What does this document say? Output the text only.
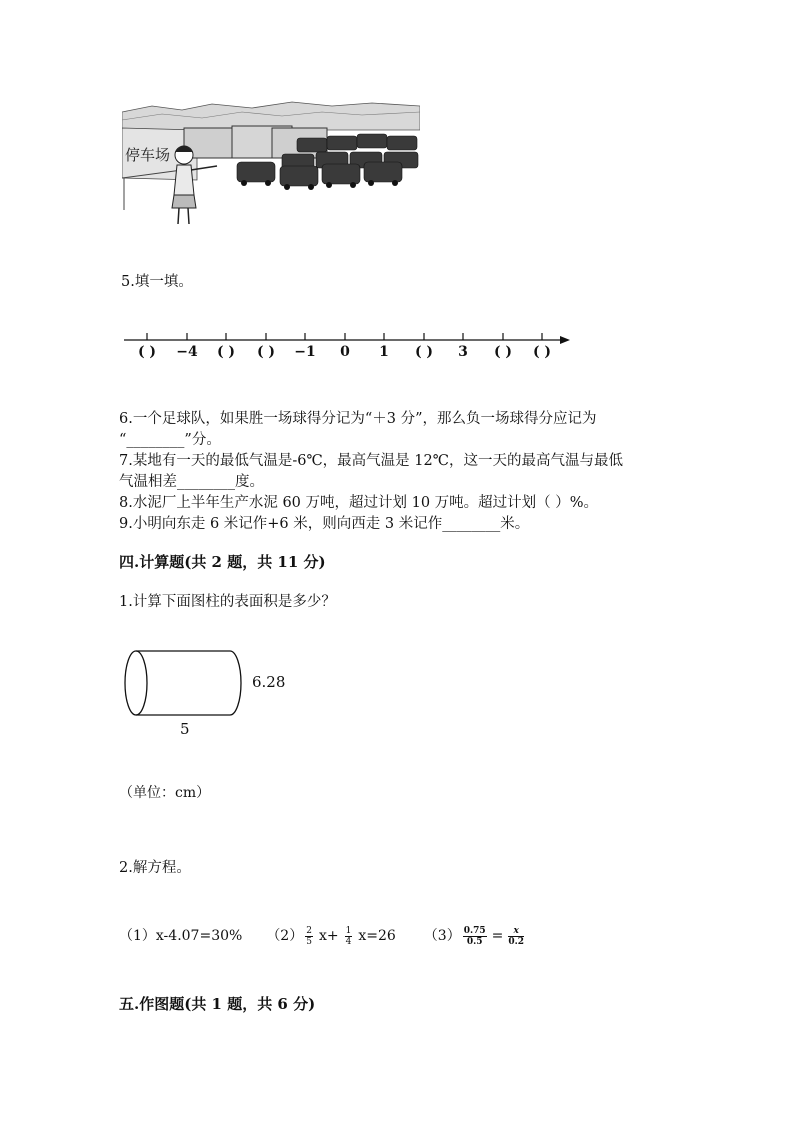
停车场
5.填一填。
( )	−4	( )	( )	−1	0	1	( )	3	( )	( )
6.一个足球队，如果胜一场球得分记为“＋3 分”，那么负一场球得分应记为
“________”分。
7.某地有一天的最低气温是-6℃，最高气温是 12℃，这一天的最高气温与最低
气温相差________度。
8.水泥厂上半年生产水泥 60 万吨，超过计划 10 万吨。超过计划（ ）%。
9.小明向东走 6 米记作+6 米，则向西走 3 米记作________米。
四.计算题(共 2 题，共 11 分)
1.计算下面图柱的表面积是多少？
6.28
5
（单位：cm）
2.解方程。
（1）x-4.07=30% $(2) \frac{2}{5} x+ \frac{1}{4} x=26$ $(3) \frac{0.75}{0.5} = \frac{x}{0.2}$
五.作图题(共 1 题，共 6 分)
